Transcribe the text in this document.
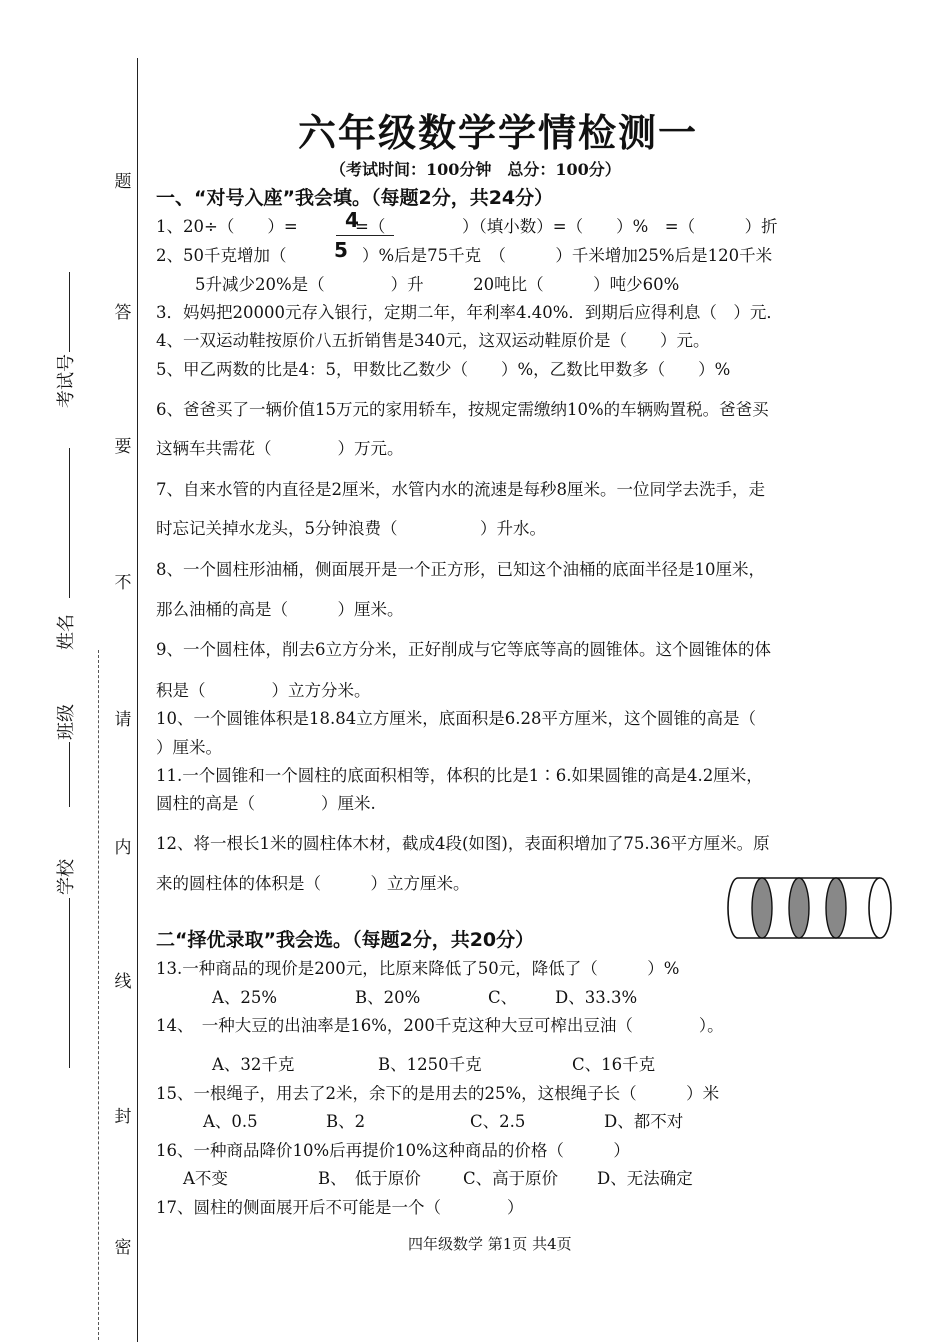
题
答
要
不
请
内
线
封
密
考试号
姓名
班级
学校
六年级数学学情检测一
（考试时间：100分钟　总分：100分）
一、“对号入座”我会填。（每题2分，共24分）
1、20÷（　　）= 4
=（	）（填小数）=（　　）%　=（　　　）折
2、50千克增加（ 5 ）%后是75千克　（　　　）千米增加25%后是120千米
5升减少20%是（　　　　）升　　　20吨比（　　　）吨少60%
3．妈妈把20000元存入银行，定期二年，年利率4.40%．到期后应得利息（　）元．
4、一双运动鞋按原价八五折销售是340元，这双运动鞋原价是（　　）元。
5、甲乙两数的比是4：5，甲数比乙数少（　　）%，乙数比甲数多（　　）%
6、爸爸买了一辆价值15万元的家用轿车，按规定需缴纳10%的车辆购置税。爸爸买
这辆车共需花（　　　　）万元。
7、自来水管的内直径是2厘米，水管内水的流速是每秒8厘米。一位同学去洗手，走
时忘记关掉水龙头，5分钟浪费（　　　　　）升水。
8、一个圆柱形油桶，侧面展开是一个正方形，已知这个油桶的底面半径是10厘米，
那么油桶的高是（　　　）厘米。
9、一个圆柱体，削去6立方分米，正好削成与它等底等高的圆锥体。这个圆锥体的体
积是（　　　　）立方分米。
10、一个圆锥体积是18.84立方厘米，底面积是6.28平方厘米，这个圆锥的高是（
）厘米。
11.一个圆锥和一个圆柱的底面积相等，体积的比是1∶6.如果圆锥的高是4.2厘米，
圆柱的高是（　　　　）厘米.
12、将一根长1米的圆柱体木材，截成4段(如图)，表面积增加了75.36平方厘米。原
来的圆柱体的体积是（　　　）立方厘米。
二“择优录取”我会选。（每题2分，共20分）
13.一种商品的现价是200元，比原来降低了50元，降低了（　　　）%
A、25%	B、20%	C、 D、33.3%
14、　一种大豆的出油率是16%，200千克这种大豆可榨出豆油（　　　　）。
A、32千克	B、1250千克	C、16千克
15、一根绳子，用去了2米，余下的是用去的25%，这根绳子长（　　　）米
A、0.5	B、2	C、2.5	D、都不对
16、一种商品降价10%后再提价10%这种商品的价格（　　　）
A不变	B、　低于原价	C、高于原价 D、无法确定
17、圆柱的侧面展开后不可能是一个（　　　　）
四年级数学 第1页 共4页
